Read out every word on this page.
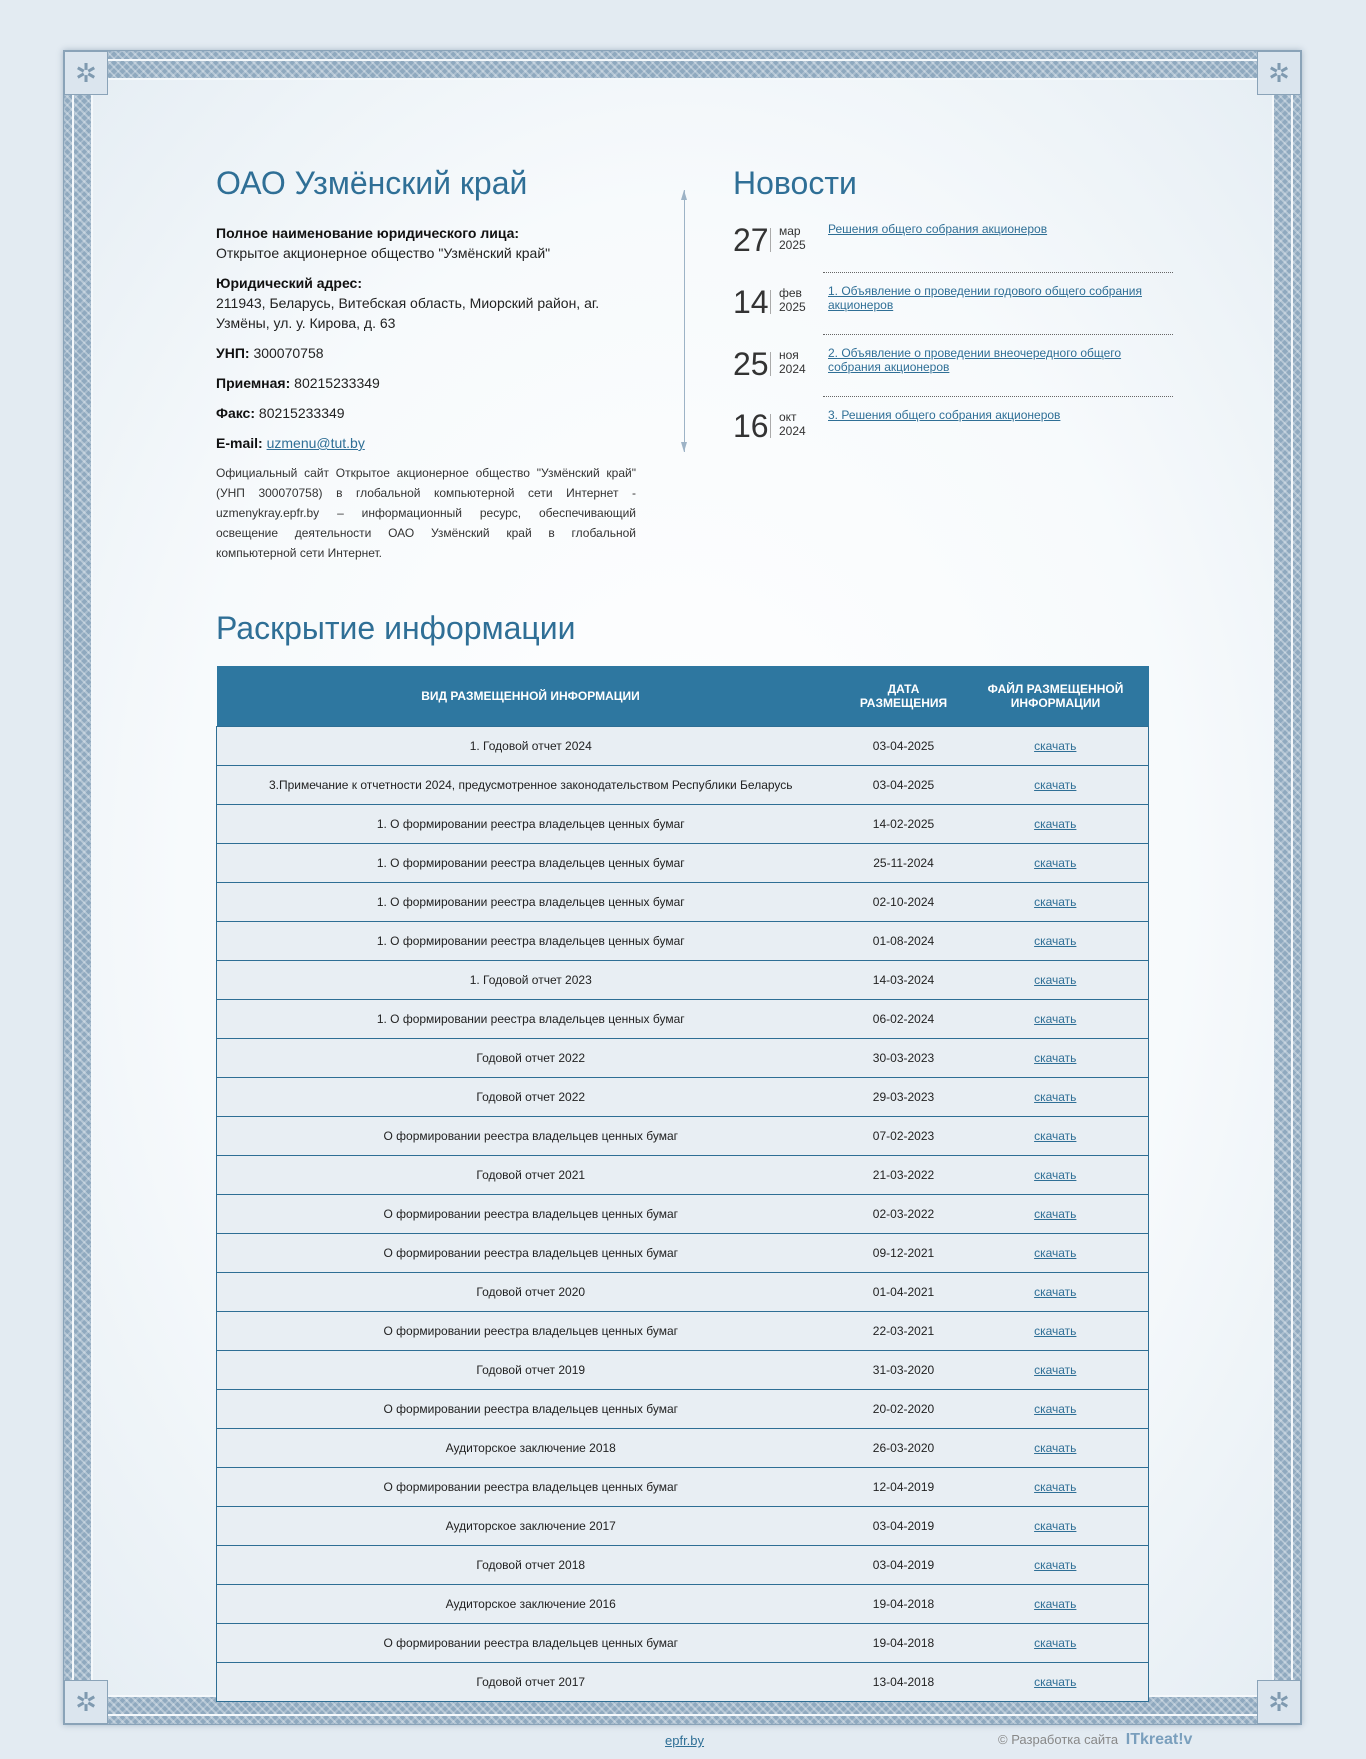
✲	✲
✲	✲
ОАО Узмёнский край

Полное наименование юридического лица:
Открытое акционерное общество "Узмёнский край"

Юридический адрес:
211943, Беларусь, Витебская область, Миорский район, аг. Узмёны, ул. у. Кирова, д. 63

УНП: 300070758

Приемная: 80215233349

Факс: 80215233349

E-mail: uzmenu@tut.by

Официальный сайт Открытое акционерное общество "Узмёнский край" (УНП 300070758) в глобальной компьютерной сети Интернет - uzmenykray.epfr.by – информационный ресурс, обеспечивающий освещение деятельности ОАО Узмёнский край в глобальной компьютерной сети Интернет.

Новости
27 мар
2025
Решения общего собрания акционеров
14 фев
2025
1. Объявление о проведении годового общего собрания акционеров
25 ноя
2024
2. Объявление о проведении внеочередного общего собрания акционеров
16 окт
2024
3. Решения общего собрания акционеров
Раскрытие информации
ВИД РАЗМЕЩЕННОЙ ИНФОРМАЦИИ	ДАТА РАЗМЕЩЕНИЯ	ФАЙЛ РАЗМЕЩЕННОЙ ИНФОРМАЦИИ
1. Годовой отчет 2024	03-04-2025	скачать
3.Примечание к отчетности 2024, предусмотренное законодательством Республики Беларусь	03-04-2025	скачать
1. О формировании реестра владельцев ценных бумаг	14-02-2025	скачать
1. О формировании реестра владельцев ценных бумаг	25-11-2024	скачать
1. О формировании реестра владельцев ценных бумаг	02-10-2024	скачать
1. О формировании реестра владельцев ценных бумаг	01-08-2024	скачать
1. Годовой отчет 2023	14-03-2024	скачать
1. О формировании реестра владельцев ценных бумаг	06-02-2024	скачать
Годовой отчет 2022	30-03-2023	скачать
Годовой отчет 2022	29-03-2023	скачать
О формировании реестра владельцев ценных бумаг	07-02-2023	скачать
Годовой отчет 2021	21-03-2022	скачать
О формировании реестра владельцев ценных бумаг	02-03-2022	скачать
О формировании реестра владельцев ценных бумаг	09-12-2021	скачать
Годовой отчет 2020	01-04-2021	скачать
О формировании реестра владельцев ценных бумаг	22-03-2021	скачать
Годовой отчет 2019	31-03-2020	скачать
О формировании реестра владельцев ценных бумаг	20-02-2020	скачать
Аудиторское заключение 2018	26-03-2020	скачать
О формировании реестра владельцев ценных бумаг	12-04-2019	скачать
Аудиторское заключение 2017	03-04-2019	скачать
Годовой отчет 2018	03-04-2019	скачать
Аудиторское заключение 2016	19-04-2018	скачать
О формировании реестра владельцев ценных бумаг	19-04-2018	скачать
Годовой отчет 2017	13-04-2018	скачать
epfr.by	© Разработка сайта ITkreat!v
